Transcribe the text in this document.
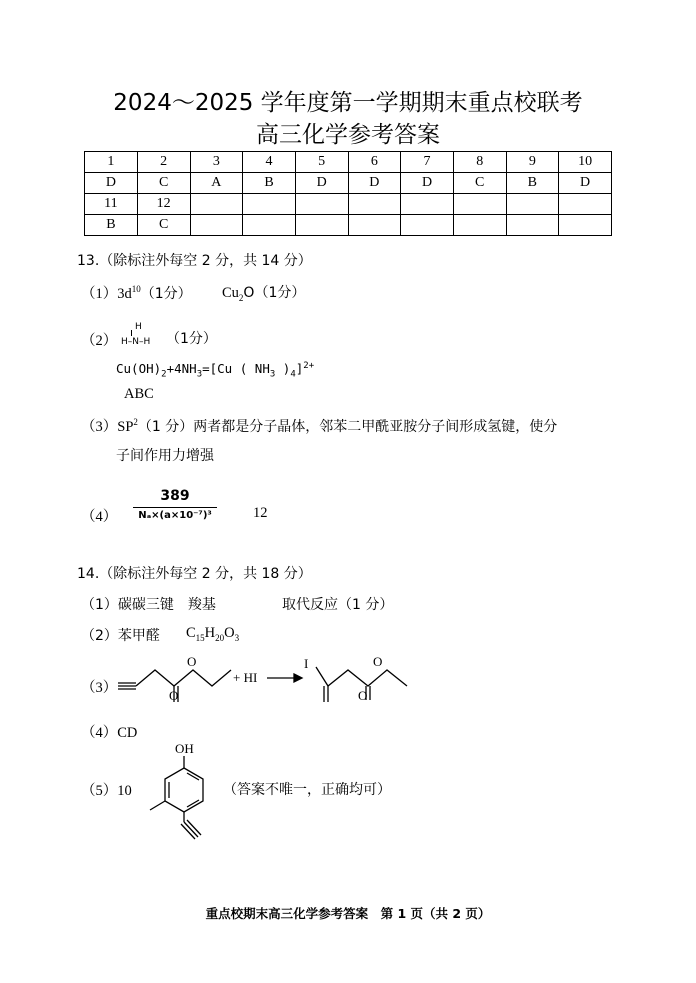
2024～2025 学年度第一学期期末重点校联考
高三化学参考答案
1	2	3	4	5	6	7	8	9	10
D	C	A	B	D	D	D	C	B	D
11	12								
B	C								
13.（除标注外每空 2 分，共 14 分）
$(1)3d^{10}(1$分） $Cu_2O(1$分）
（2）
H
H–N–H （1分）
$Cu(OH)_2+4NH_3=[Cu$ ( $NH_3$ )$_4]^{2+}$
ABC
$(3)SP^2(1$ 分）两者都是分子晶体，邻苯二甲酰亚胺分子间形成氢键，使分
子间作用力增强
（4）
389
Nₐ×(a×10⁻⁷)³	12
14.（除标注外每空 2 分，共 18 分）
（1）碳碳三键　羧基	取代反应（1 分）
（2）苯甲醛 $C_{15}H_{20}O_3$
（3）
O
O
+ HI
I	O
O
（4）CD
（5）10
OH
（答案不唯一，正确均可）
重点校期末高三化学参考答案　第 1 页（共 2 页）
